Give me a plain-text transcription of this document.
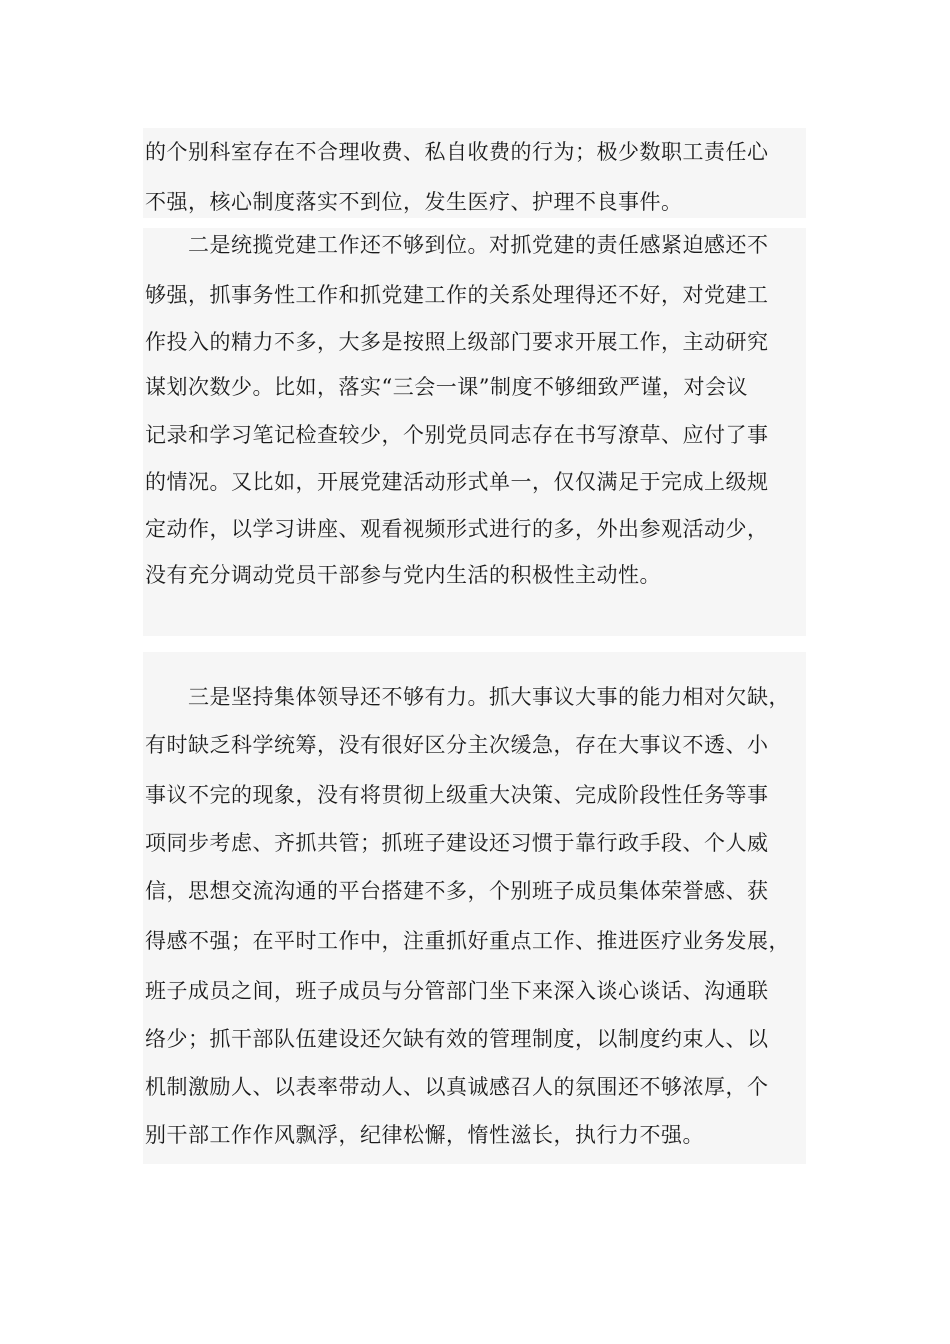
的个别科室存在不合理收费、私自收费的行为；极少数职工责任心
不强，核心制度落实不到位，发生医疗、护理不良事件。
　　二是统揽党建工作还不够到位。对抓党建的责任感紧迫感还不
够强，抓事务性工作和抓党建工作的关系处理得还不好，对党建工
作投入的精力不多，大多是按照上级部门要求开展工作，主动研究
谋划次数少。比如，落实“三会一课”制度不够细致严谨，对会议
记录和学习笔记检查较少，个别党员同志存在书写潦草、应付了事
的情况。又比如，开展党建活动形式单一，仅仅满足于完成上级规
定动作，以学习讲座、观看视频形式进行的多，外出参观活动少，
没有充分调动党员干部参与党内生活的积极性主动性。
　　三是坚持集体领导还不够有力。抓大事议大事的能力相对欠缺，
有时缺乏科学统筹，没有很好区分主次缓急，存在大事议不透、小
事议不完的现象，没有将贯彻上级重大决策、完成阶段性任务等事
项同步考虑、齐抓共管；抓班子建设还习惯于靠行政手段、个人威
信，思想交流沟通的平台搭建不多，个别班子成员集体荣誉感、获
得感不强；在平时工作中，注重抓好重点工作、推进医疗业务发展，
班子成员之间，班子成员与分管部门坐下来深入谈心谈话、沟通联
络少；抓干部队伍建设还欠缺有效的管理制度，以制度约束人、以
机制激励人、以表率带动人、以真诚感召人的氛围还不够浓厚，个
别干部工作作风飘浮，纪律松懈，惰性滋长，执行力不强。
